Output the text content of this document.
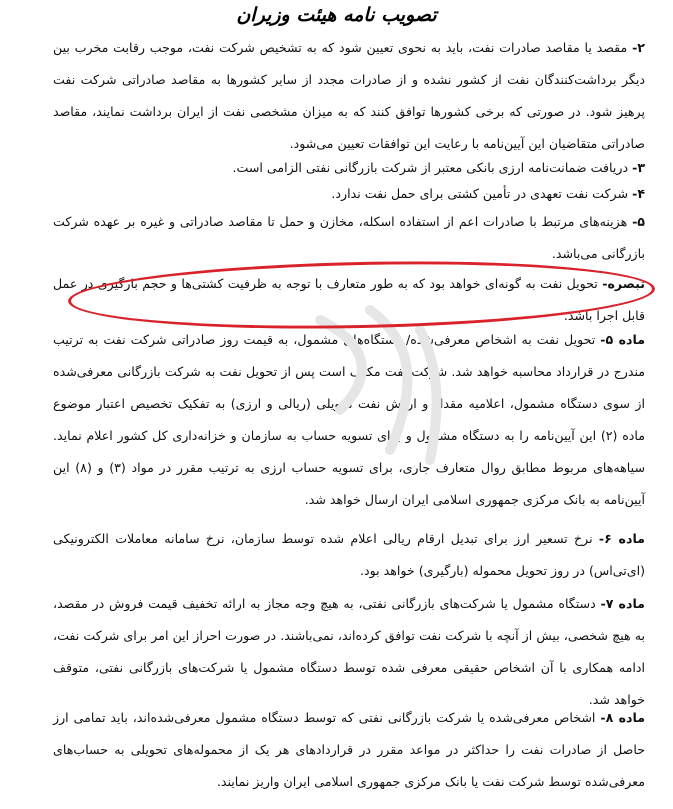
تصویب نامه هیئت وزیران

۲- مقصد یا مقاصد صادرات نفت، باید به نحوی تعیین شود که به تشخیص شرکت نفت، موجب رقابت مخرب بین دیگر برداشت‌کنندگان نفت از کشور نشده و از صادرات مجدد از سایر کشورها به مقاصد صادراتی شرکت نفت پرهیز شود. در صورتی که برخی کشورها توافق کنند که به میزان مشخصی نفت از ایران برداشت نمایند، مقاصد صادراتی متقاضیان این آیین‌نامه با رعایت این توافقات تعیین می‌شود.

۳- دریافت ضمانت‌نامه ارزی بانکی معتبر از شرکت بازرگانی نفتی الزامی است.

۴- شرکت نفت تعهدی در تأمین کشتی برای حمل نفت ندارد.

۵- هزینه‌های مرتبط با صادرات اعم از استفاده اسکله، مخازن و حمل تا مقاصد صادراتی و غیره بر عهده شرکت بازرگانی می‌باشد.

تبصره- تحویل نفت به گونه‌ای خواهد بود که به طور متعارف با توجه به ظرفیت کشتی‌ها و حجم بارگیری در عمل قابل اجرا باشد.

ماده ۵- تحویل نفت به اشخاص معرفی‌شده/ دستگاه‌های مشمول، به قیمت روز صادراتی شرکت نفت به ترتیب مندرج در قرارداد محاسبه خواهد شد. شرکت نفت مکلف است پس از تحویل نفت به شرکت بازرگانی معرفی‌شده از سوی دستگاه مشمول، اعلامیه مقدار و ارزش نفت تحویلی (ریالی و ارزی) به تفکیک تخصیص اعتبار موضوع ماده (۲) این آیین‌نامه را به دستگاه مشمول و برای تسویه حساب به سازمان و خزانه‌داری کل کشور اعلام نماید. سیاهه‌های مربوط مطابق روال متعارف جاری، برای تسویه حساب ارزی به ترتیب مقرر در مواد (۳) و (۸) این آیین‌نامه به بانک مرکزی جمهوری اسلامی ایران ارسال خواهد شد.

ماده ۶- نرخ تسعیر ارز برای تبدیل ارقام ریالی اعلام شده توسط سازمان، نرخ سامانه معاملات الکترونیکی (ای‌تی‌اس) در روز تحویل محموله (بارگیری) خواهد بود.

ماده ۷- دستگاه مشمول یا شرکت‌های بازرگانی نفتی، به هیچ وجه مجاز به ارائه تخفیف قیمت فروش در مقصد، به هیچ شخصی، بیش از آنچه با شرکت نفت توافق کرده‌اند، نمی‌باشند. در صورت احراز این امر برای شرکت نفت، ادامه همکاری با آن اشخاص حقیقی معرفی شده توسط دستگاه مشمول یا شرکت‌های بازرگانی نفتی، متوقف خواهد شد.

ماده ۸- اشخاص معرفی‌شده یا شرکت بازرگانی نفتی که توسط دستگاه مشمول معرفی‌شده‌اند، باید تمامی ارز حاصل از صادرات نفت را حداکثر در مواعد مقرر در قراردادهای هر یک از محموله‌های تحویلی به حساب‌های معرفی‌شده توسط شرکت نفت یا بانک مرکزی جمهوری اسلامی ایران واریز نمایند.
